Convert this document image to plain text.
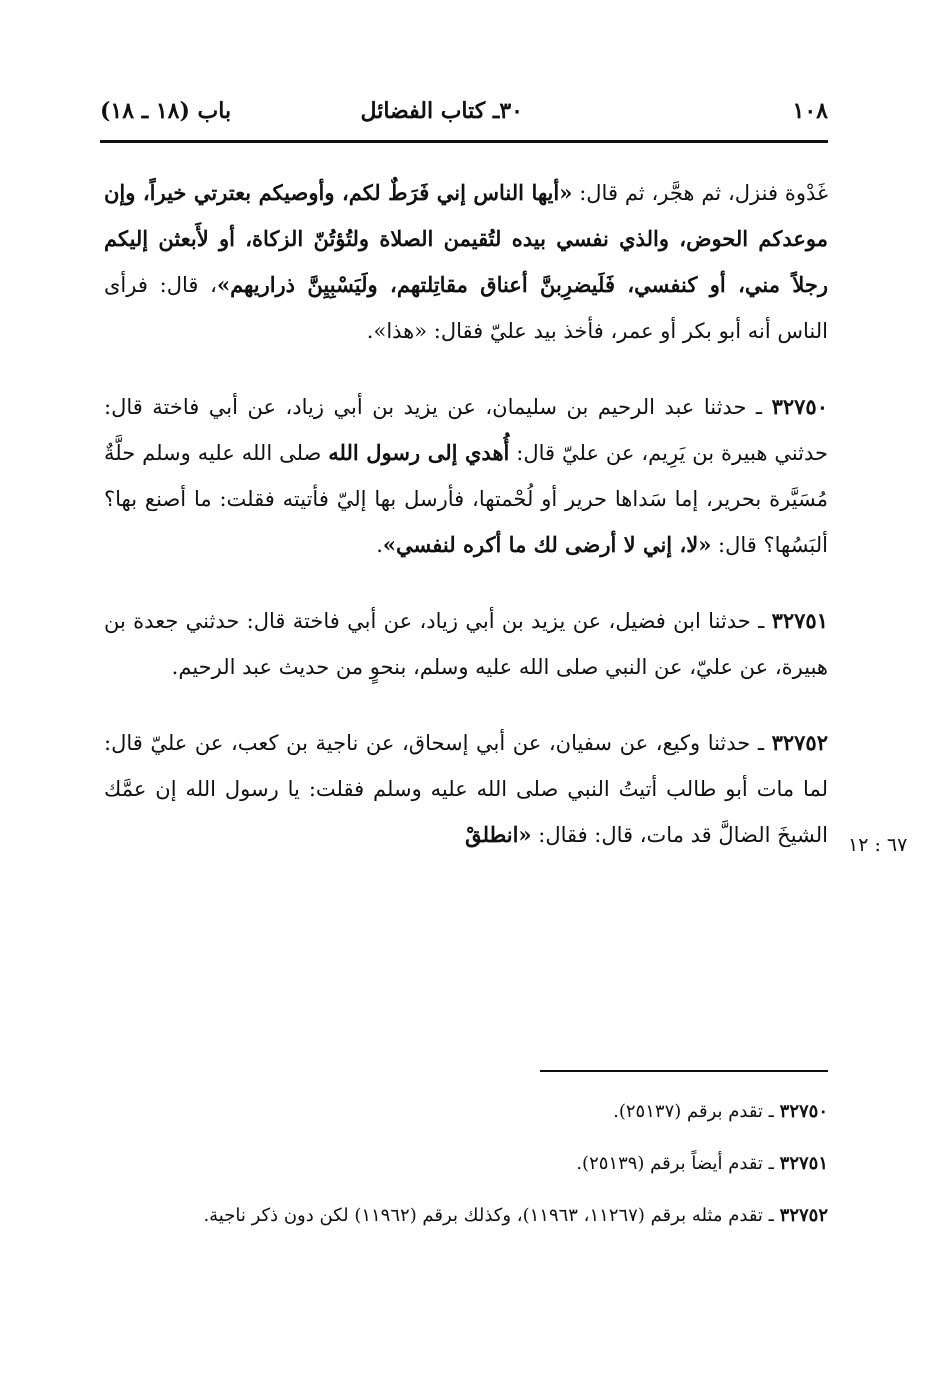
١٠٨
٣٠ـ كتاب الفضائل
باب (١٨ ـ ١٨)

غَدْوة فنزل، ثم هجَّر، ثم قال: «أيها الناس إني فَرَطٌ لكم، وأوصيكم بعترتي خيراً، وإن موعدكم الحوض، والذي نفسي بيده لتُقيمن الصلاة ولتُؤتُنّ الزكاة، أو لأَبعثن إليكم رجلاً مني، أو كنفسي، فَلَيضرِبنَّ أعناق مقاتِلتهم، ولَيَسْبِيِنَّ ذراريهم»، قال: فرأى الناس أنه أبو بكر أو عمر، فأخذ بيد عليّ فقال: «هذا».

٣٢٧٥٠ ـ حدثنا عبد الرحيم بن سليمان، عن يزيد بن أبي زياد، عن أبي فاختة قال: حدثني هبيرة بن يَرِيم، عن عليّ قال: أُهدي إلى رسول الله صلى الله عليه وسلم حلَّةٌ مُسَيَّرة بحرير، إما سَداها حرير أو لُحْمتها، فأرسل بها إليّ فأتيته فقلت: ما أصنع بها؟ ألبَسُها؟ قال: «لا، إني لا أرضى لك ما أكره لنفسي».

٣٢٧٥١ ـ حدثنا ابن فضيل، عن يزيد بن أبي زياد، عن أبي فاختة قال: حدثني جعدة بن هبيرة، عن عليّ، عن النبي صلى الله عليه وسلم، بنحوٍ من حديث عبد الرحيم.

٣٢٧٥٢ ـ حدثنا وكيع، عن سفيان، عن أبي إسحاق، عن ناجية بن كعب، عن عليّ قال: لما مات أبو طالب أتيتُ النبي صلى الله عليه وسلم فقلت: يا رسول الله إن عمَّك الشيخَ الضالَّ قد مات، قال: فقال: «انطلقْ	٦٧ : ١٢

٣٢٧٥٠ ـ تقدم برقم (٢٥١٣٧).

٣٢٧٥١ ـ تقدم أيضاً برقم (٢٥١٣٩).

٣٢٧٥٢ ـ تقدم مثله برقم (١١٢٦٧، ١١٩٦٣)، وكذلك برقم (١١٩٦٢) لكن دون ذكر ناجية.
